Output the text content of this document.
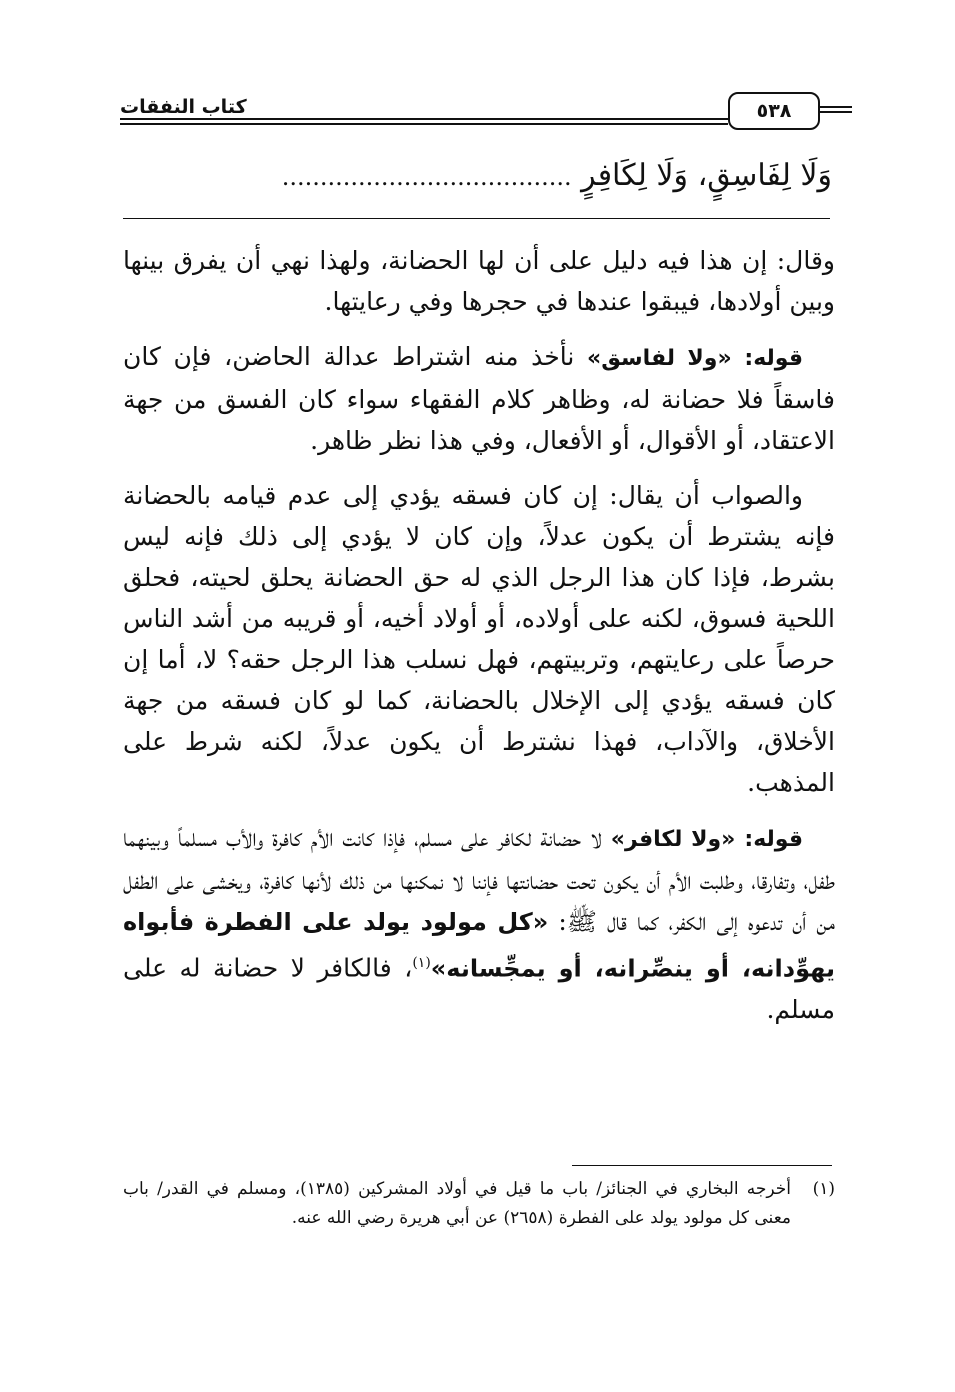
كتاب النفقات	٥٣٨
وَلَا لِفَاسِقٍ، وَلَا لِكَافِرٍ ......................................

وقال: إن هذا فيه دليل على أن لها الحضانة، ولهذا نهي أن يفرق بينها وبين أولادها، فيبقوا عندها في حجرها وفي رعايتها.

قوله: «ولا لفاسق» نأخذ منه اشتراط عدالة الحاضن، فإن كان فاسقاً فلا حضانة له، وظاهر كلام الفقهاء سواء كان الفسق من جهة الاعتقاد، أو الأقوال، أو الأفعال، وفي هذا نظر ظاهر.

والصواب أن يقال: إن كان فسقه يؤدي إلى عدم قيامه بالحضانة فإنه يشترط أن يكون عدلاً، وإن كان لا يؤدي إلى ذلك فإنه ليس بشرط، فإذا كان هذا الرجل الذي له حق الحضانة يحلق لحيته، فحلق اللحية فسوق، لكنه على أولاده، أو أولاد أخيه، أو قريبه من أشد الناس حرصاً على رعايتهم، وتربيتهم، فهل نسلب هذا الرجل حقه؟ لا، أما إن كان فسقه يؤدي إلى الإخلال بالحضانة، كما لو كان فسقه من جهة الأخلاق، والآداب، فهذا نشترط أن يكون عدلاً، لكنه شرط على المذهب.

قوله: «ولا لكافر» لا حضانة لكافر على مسلم، فإذا كانت الأم كافرة والأب مسلماً وبينهما طفل، وتفارقا، وطلبت الأم أن يكون تحت حضانتها فإننا لا نمكنها من ذلك لأنها كافرة، ويخشى على الطفل من أن تدعوه إلى الكفر، كما قال ﷺ: «كل مولود يولد على الفطرة فأبواه يهوِّدانه، أو ينصِّرانه، أو يمجِّسانه»$^{(١)}$، فالكافر لا حضانة له على مسلم.

(١)
أخرجه البخاري في الجنائز/ باب ما قيل في أولاد المشركين (١٣٨٥)، ومسلم في القدر/ باب معنى كل مولود يولد على الفطرة (٢٦٥٨) عن أبي هريرة رضي الله عنه.
